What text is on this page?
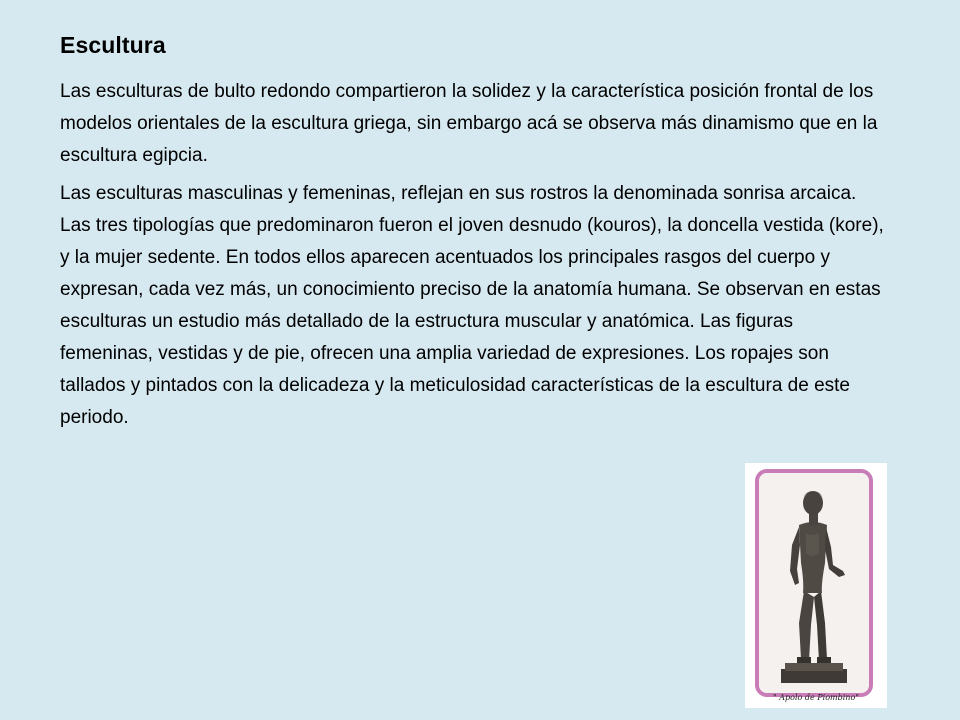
Escultura

Las esculturas de bulto redondo compartieron la solidez y la característica posición frontal de los modelos orientales de la escultura griega, sin embargo acá se observa más dinamismo que en la escultura egipcia.

Las esculturas masculinas y femeninas, reflejan en sus rostros la denominada sonrisa arcaica. Las tres tipologías que predominaron fueron el joven desnudo (kouros), la doncella vestida (kore), y la mujer sedente. En todos ellos aparecen acentuados los principales rasgos del cuerpo y expresan, cada vez más, un conocimiento preciso de la anatomía humana. Se observan en estas esculturas un estudio más detallado de la estructura muscular y anatómica. Las figuras femeninas, vestidas y de pie, ofrecen una amplia variedad de expresiones. Los ropajes son tallados y pintados con la delicadeza y la meticulosidad características de la escultura de este periodo.

" Apolo de Piombino"
